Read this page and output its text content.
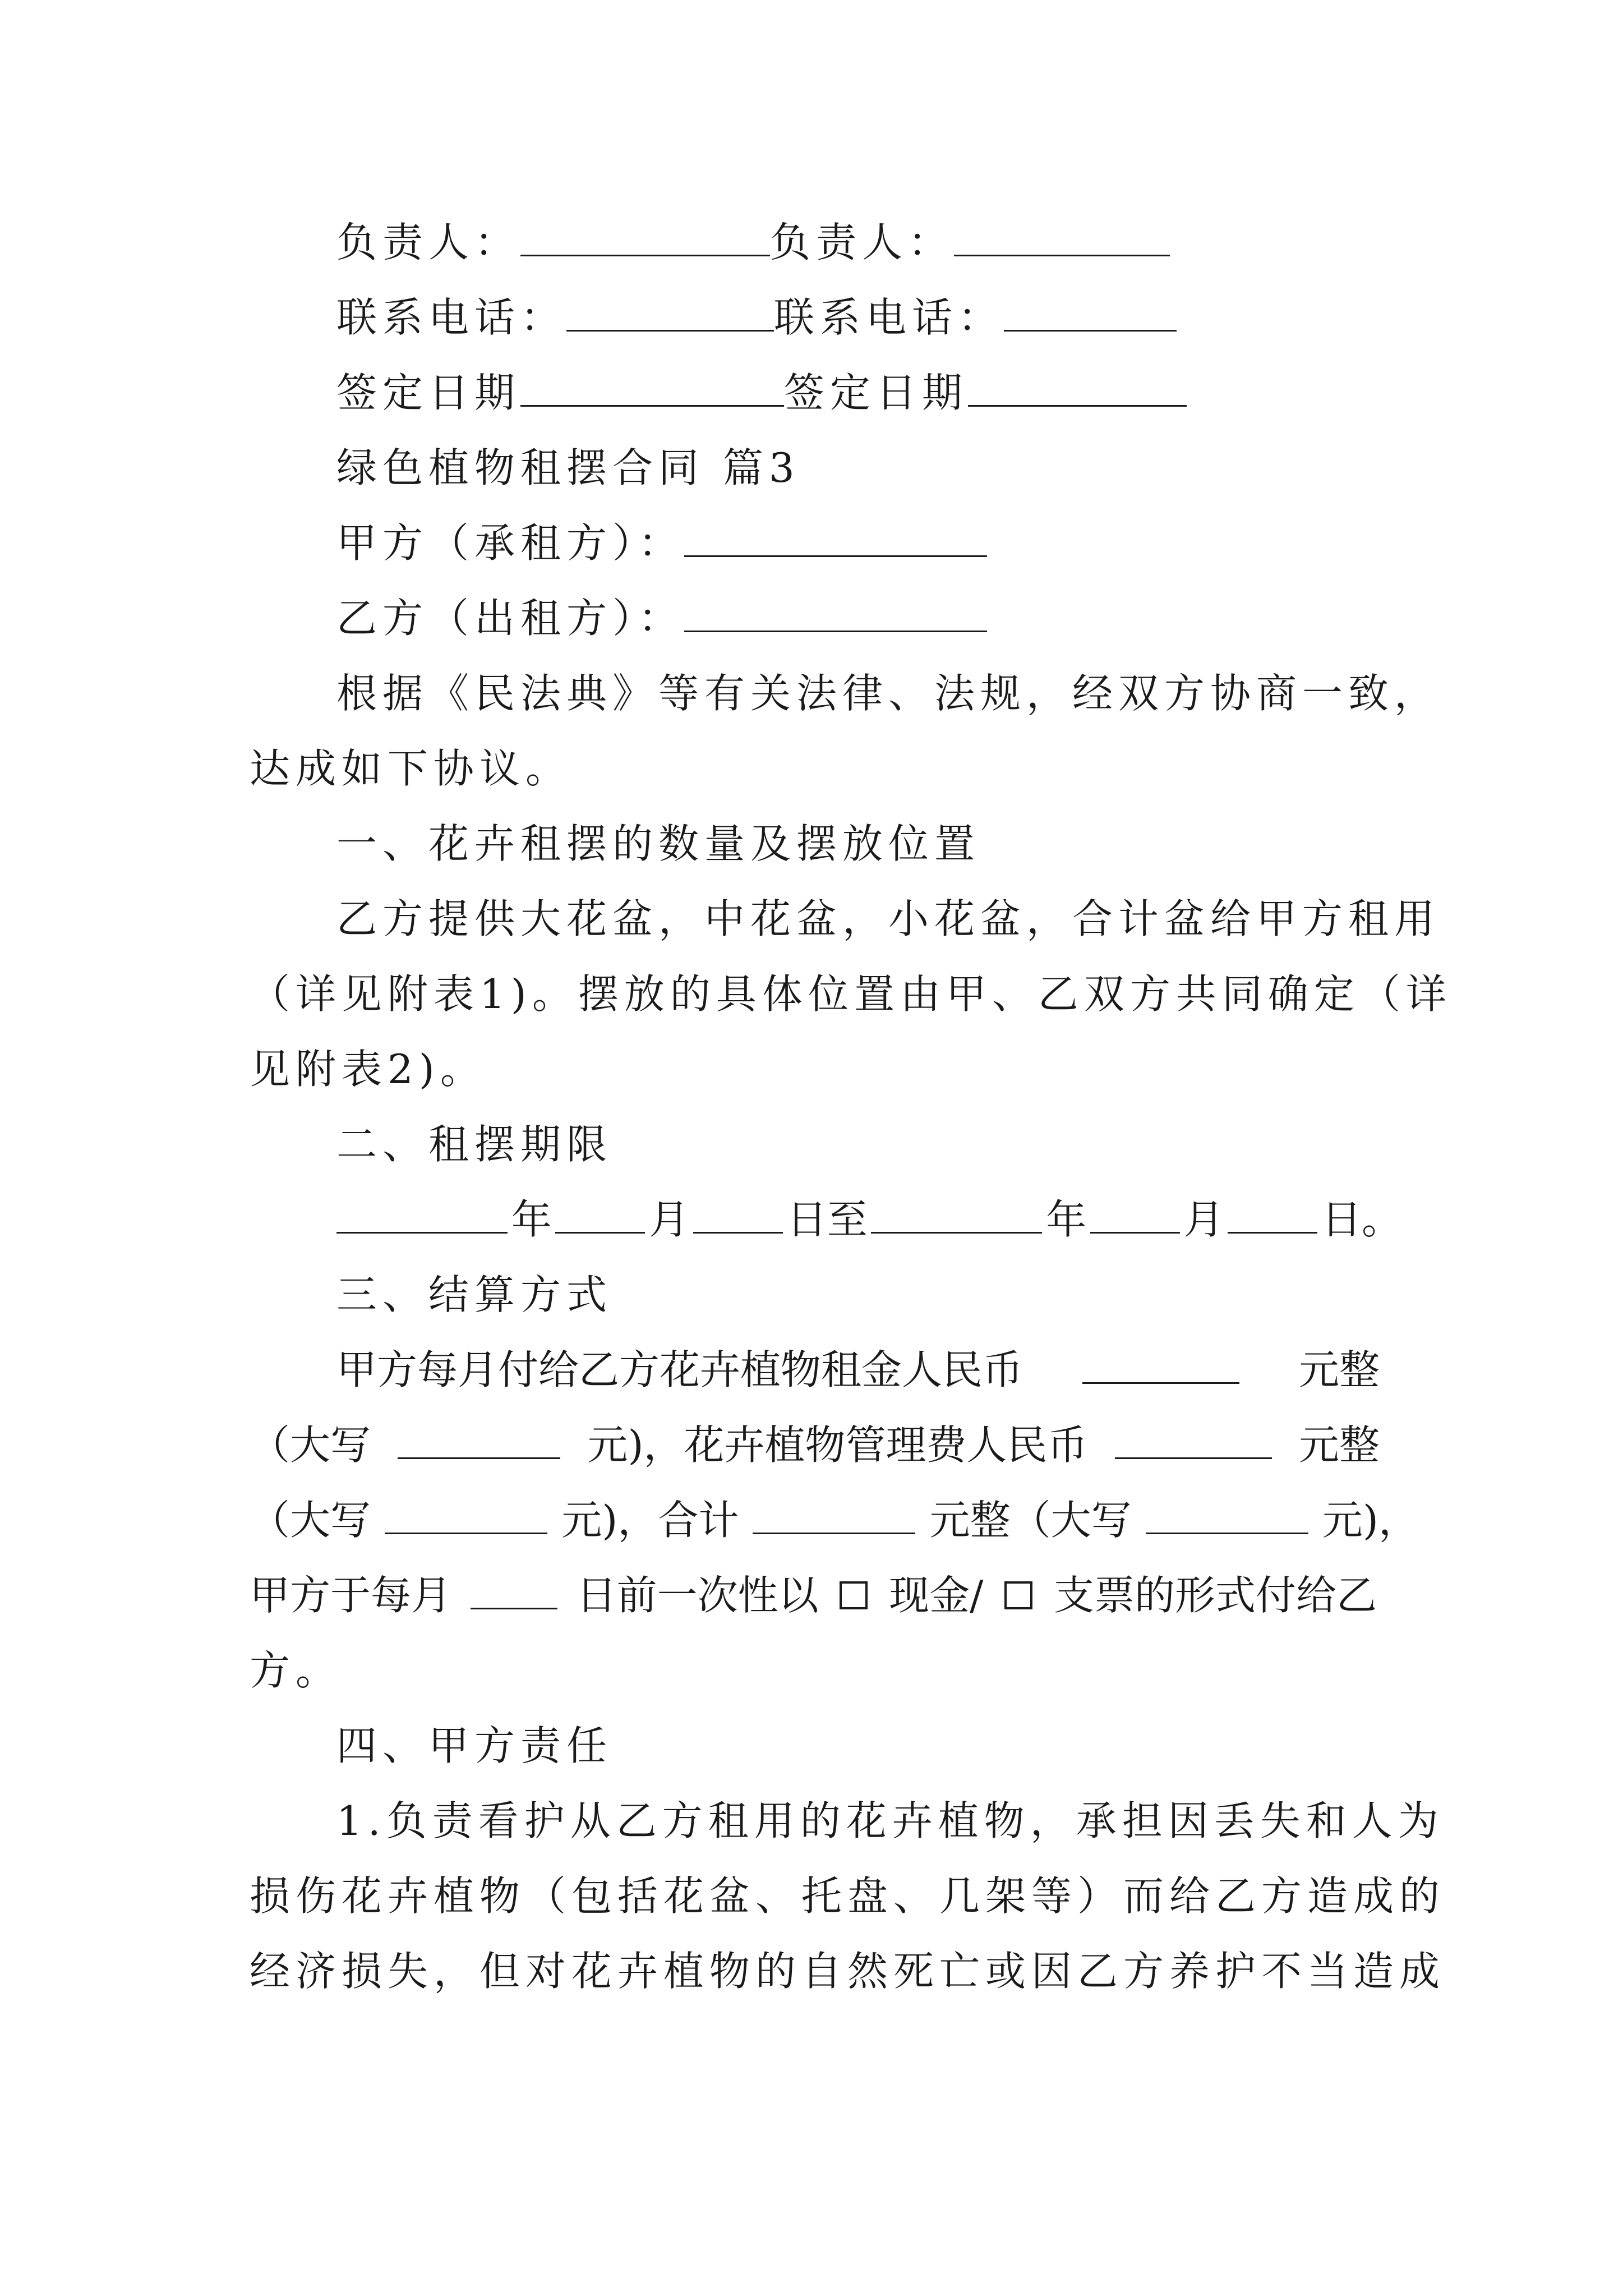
负责人：	负责人：
联系电话：	联系电话：
签定日期	签定日期
绿色植物租摆合同 篇3
甲方（承租方）：
乙方（出租方）：
根据《民法典》等有关法律、法规，经双方协商一致，
达成如下协议。
一、花卉租摆的数量及摆放位置
乙方提供大花盆，中花盆，小花盆，合计盆给甲方租用
（详见附表1)。摆放的具体位置由甲、乙双方共同确定（详
见附表2)。
二、租摆期限
年 月 日至	年 月 日。
三、结算方式
甲方每月付给乙方花卉植物租金人民币	元整
（大写	元)，花卉植物管理费人民币	元整
（大写	元)，合计	元整（大写	元)，
甲方于每月	日前一次性以 现金/ 支票的形式付给乙
方。
四、甲方责任
1.负责看护从乙方租用的花卉植物，承担因丢失和人为
损伤花卉植物（包括花盆、托盘、几架等）而给乙方造成的
经济损失，但对花卉植物的自然死亡或因乙方养护不当造成
